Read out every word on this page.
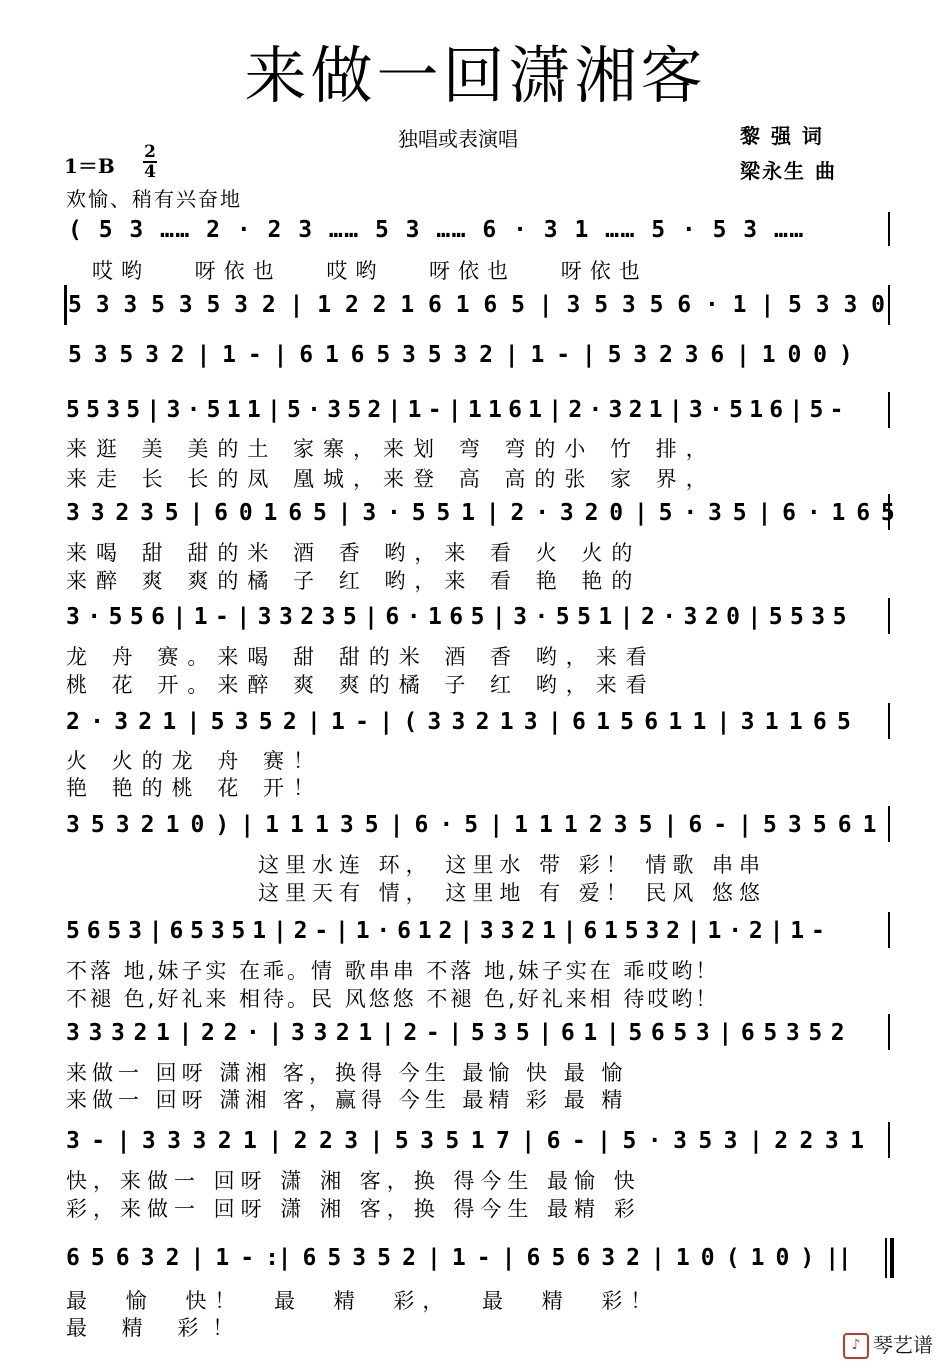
来做一回潇湘客
独唱或表演唱	黎 强 词
梁永生 曲
1＝B
2
4
欢愉、稍有兴奋地
( 5 3 …… 2 · 2 3 …… 5 3 …… 6 · 3 1 …… 5 · 5 3 ……
哎哟 呀依也 哎哟 呀依也 呀依也
5 3 3 5 3 5 3 2 | 1 2 2 1 6 1 6 5 | 3 5 3 5 6 · 1 | 5 3 3 0
5 3 5 3 2 | 1 - | 6 1 6 5 3 5 3 2 | 1 - | 5 3 2 3 6 | 1 0 0 )
5 5 3 5 | 3 · 5 1 1 | 5 · 3 5 2 | 1 - | 1 1 6 1 | 2 · 3 2 1 | 3 · 5 1 6 | 5 -
来逛 美 美的土 家寨，来划 弯 弯的小 竹 排，
来走 长 长的凤 凰城，来登 高 高的张 家 界，
3 3 2 3 5 | 6 0 1 6 5 | 3 · 5 5 1 | 2 · 3 2 0 | 5 · 3 5 | 6 · 1 6 5
来喝 甜 甜的米 酒 香 哟，来 看 火 火的
来醉 爽 爽的橘 子 红 哟，来 看 艳 艳的
3 · 5 5 6 | 1 - | 3 3 2 3 5 | 6 · 1 6 5 | 3 · 5 5 1 | 2 · 3 2 0 | 5 5 3 5
龙 舟 赛。来喝 甜 甜的米 酒 香 哟，来看
桃 花 开。来醉 爽 爽的橘 子 红 哟，来看
2 · 3 2 1 | 5 3 5 2 | 1 - | ( 3 3 2 1 3 | 6 1 5 6 1 1 | 3 1 1 6 5
火 火的龙 舟 赛！
艳 艳的桃 花 开！
3 5 3 2 1 0 ) | 1 1 1 3 5 | 6 · 5 | 1 1 1 2 3 5 | 6 - | 5 3 5 6 1
这里水连 环， 这里水 带 彩！ 情歌 串串
这里天有 情， 这里地 有 爱！ 民风 悠悠
5 6 5 3 | 6 5 3 5 1 | 2 - | 1 · 6 1 2 | 3 3 2 1 | 6 1 5 3 2 | 1 · 2 | 1 -
不落 地,妹子实 在乖。情 歌串串 不落 地,妹子实在 乖哎哟！
不褪 色,好礼来 相待。民 风悠悠 不褪 色,好礼来相 待哎哟！
3 3 3 2 1 | 2 2 · | 3 3 2 1 | 2 - | 5 3 5 | 6 1 | 5 6 5 3 | 6 5 3 5 2
来做一 回呀 潇湘 客，换得 今生 最愉 快 最 愉
来做一 回呀 潇湘 客，赢得 今生 最精 彩 最 精
3 - | 3 3 3 2 1 | 2 2 3 | 5 3 5 1 7 | 6 - | 5 · 3 5 3 | 2 2 3 1
快，来做一 回呀 潇 湘 客，换 得今生 最愉 快
彩，来做一 回呀 潇 湘 客，换 得今生 最精 彩
6 5 6 3 2 | 1 - :| 6 5 3 5 2 | 1 - | 6 5 6 3 2 | 1 0 ( 1 0 ) ||
最 愉 快！ 最 精 彩， 最 精 彩！
最 精 彩！
♪ 琴艺谱
